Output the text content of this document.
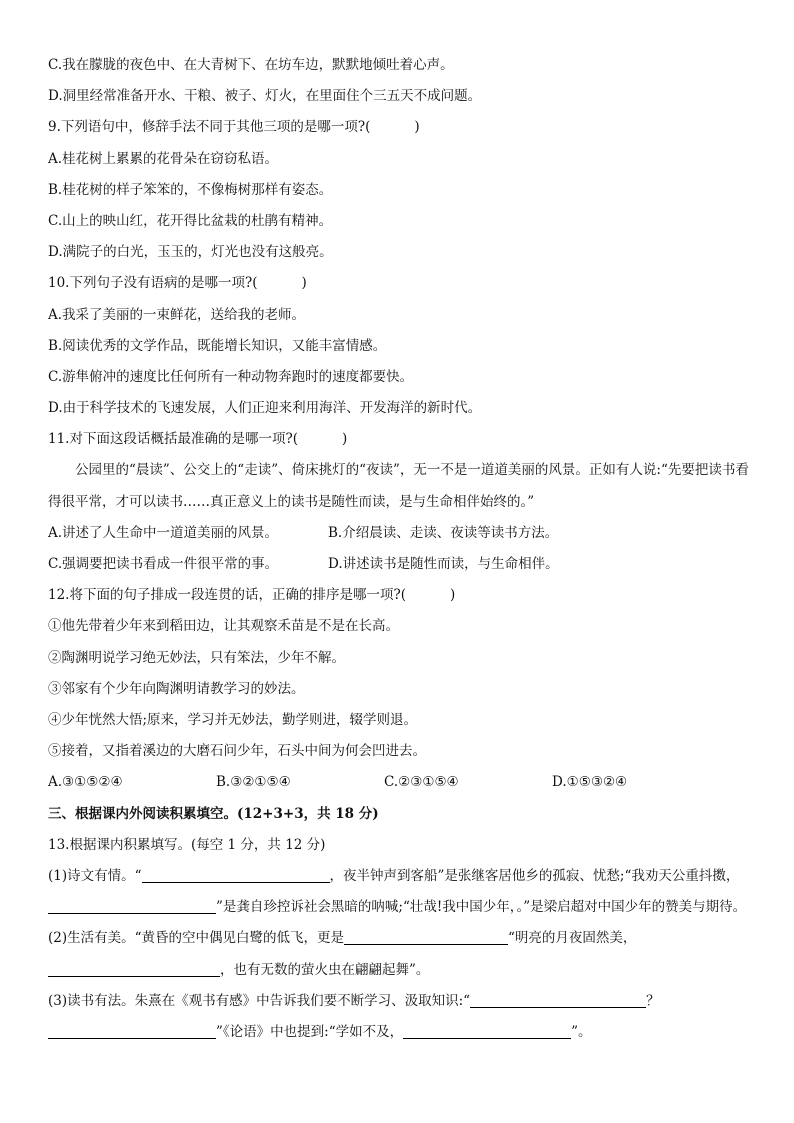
C.我在朦胧的夜色中、在大青树下、在坊车边，默默地倾吐着心声。
D.洞里经常准备开水、干粮、被子、灯火，在里面住个三五天不成问题。
9.下列语句中，修辞手法不同于其他三项的是哪一项?(	)
A.桂花树上累累的花骨朵在窃窃私语。
B.桂花树的样子笨笨的，不像梅树那样有姿态。
C.山上的映山红，花开得比盆栽的杜鹃有精神。
D.满院子的白光，玉玉的，灯光也没有这般亮。
10.下列句子没有语病的是哪一项?(	)
A.我采了美丽的一束鲜花，送给我的老师。
B.阅读优秀的文学作品，既能增长知识，又能丰富情感。
C.游隼俯冲的速度比任何所有一种动物奔跑时的速度都要快。
D.由于科学技术的飞速发展，人们正迎来利用海洋、开发海洋的新时代。
11.对下面这段话概括最准确的是哪一项?(	)
公园里的“晨读”、公交上的“走读”、倚床挑灯的“夜读”，无一不是一道道美丽的风景。正如有人说:“先要把读书看得很平常，才可以读书……真正意义上的读书是随性而读，是与生命相伴始终的。”
A.讲述了人生命中一道道美丽的风景。	B.介绍晨读、走读、夜读等读书方法。
C.强调要把读书看成一件很平常的事。	D.讲述读书是随性而读，与生命相伴。
12.将下面的句子排成一段连贯的话，正确的排序是哪一项?(	)
①他先带着少年来到稻田边，让其观察禾苗是不是在长高。
②陶渊明说学习绝无妙法，只有笨法，少年不解。
③邻家有个少年向陶渊明请教学习的妙法。
④少年恍然大悟;原来，学习并无妙法，勤学则进，辍学则退。
⑤接着，又指着溪边的大磨石问少年，石头中间为何会凹进去。
A.③①⑤②④	B.③②①⑤④	C.②③①⑤④	D.①⑤③②④
三、根据课内外阅读积累填空。(12+3+3，共 18 分)
13.根据课内积累填写。(每空 1 分，共 12 分)
(1)诗文有情。“	，夜半钟声到客船”是张继客居他乡的孤寂、忧愁;“我劝天公重抖擞，”是龚自珍控诉社会黑暗的呐喊;“壮哉!我中国少年，。”是梁启超对中国少年的赞美与期待。
(2)生活有美。“黄昏的空中偶见白鹭的低飞，更是	“明亮的月夜固然美，，也有无数的萤火虫在翩翩起舞”。
(3)读书有法。朱熹在《观书有感》中告诉我们要不断学习、汲取知识:“	？”《论语》中也提到:“学如不及，	”。
